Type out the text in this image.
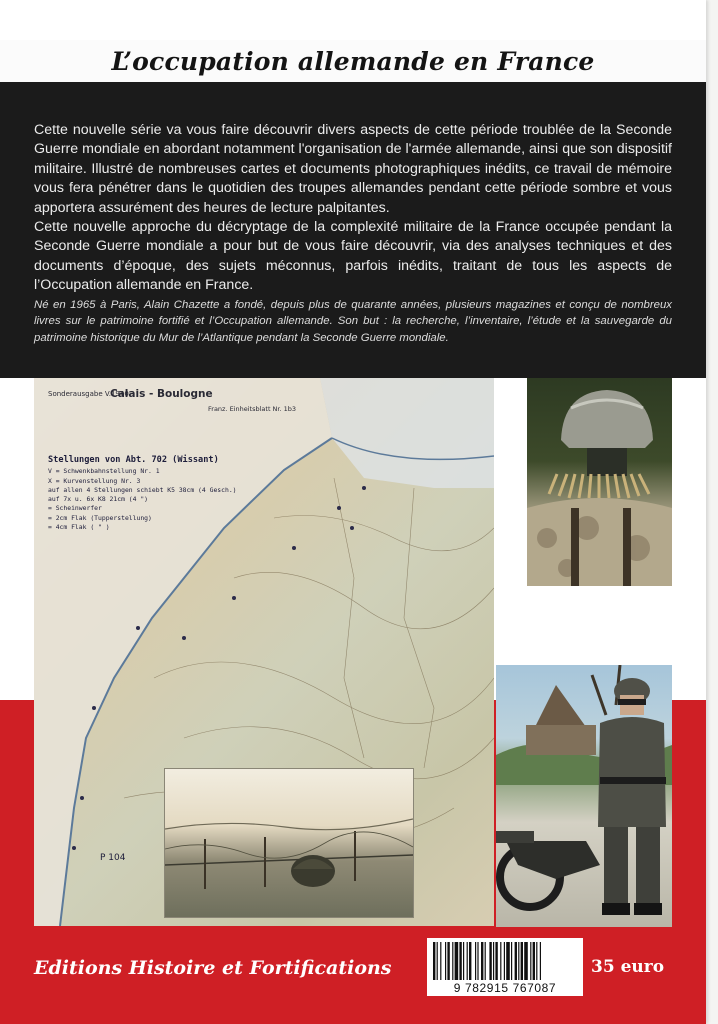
L’occupation allemande en France

Cette nouvelle série va vous faire découvrir divers aspects de cette période troublée de la Seconde Guerre mondiale en abordant notamment l'organisation de l'armée allemande, ainsi que son dispositif militaire. Illustré de nombreuses cartes et documents photographiques inédits, ce travail de mémoire vous fera pénétrer dans le quotidien des troupes allemandes pendant cette période sombre et vous apportera assurément des heures de lecture palpitantes.
Cette nouvelle approche du décryptage de la complexité militaire de la France occupée pendant la Seconde Guerre mondiale a pour but de vous faire découvrir, via des analyses techniques et des documents d’époque, des sujets méconnus, parfois inédits, traitant de tous les aspects de l’Occupation allemande en France.

Né en 1965 à Paris, Alain Chazette a fondé, depuis plus de quarante années, plusieurs magazines et conçu de nombreux livres sur le patrimoine fortifié et l’Occupation allemande. Son but : la recherche, l’inventaire, l’étude et la sauvegarde du patrimoine historique du Mur de l’Atlantique pendant la Seconde Guerre mondiale.

Sonderausgabe V.1940
Calais - Boulogne
Franz. Einheitsblatt Nr. 1b3
Stellungen von Abt. 702 (Wissant)
V = Schwenkbahnstellung Nr. 1
X = Kurvenstellung Nr. 3
auf allen 4 Stellungen schiebt K5 38cm (4 Gesch.)
auf 7x u. 6x K8 21cm (4 ")
= Scheinwerfer
= 2cm Flak (Tupperstellung)
= 4cm Flak ( " )
P 104

Editions Histoire et Fortifications

9 782915 767087

35 euro
